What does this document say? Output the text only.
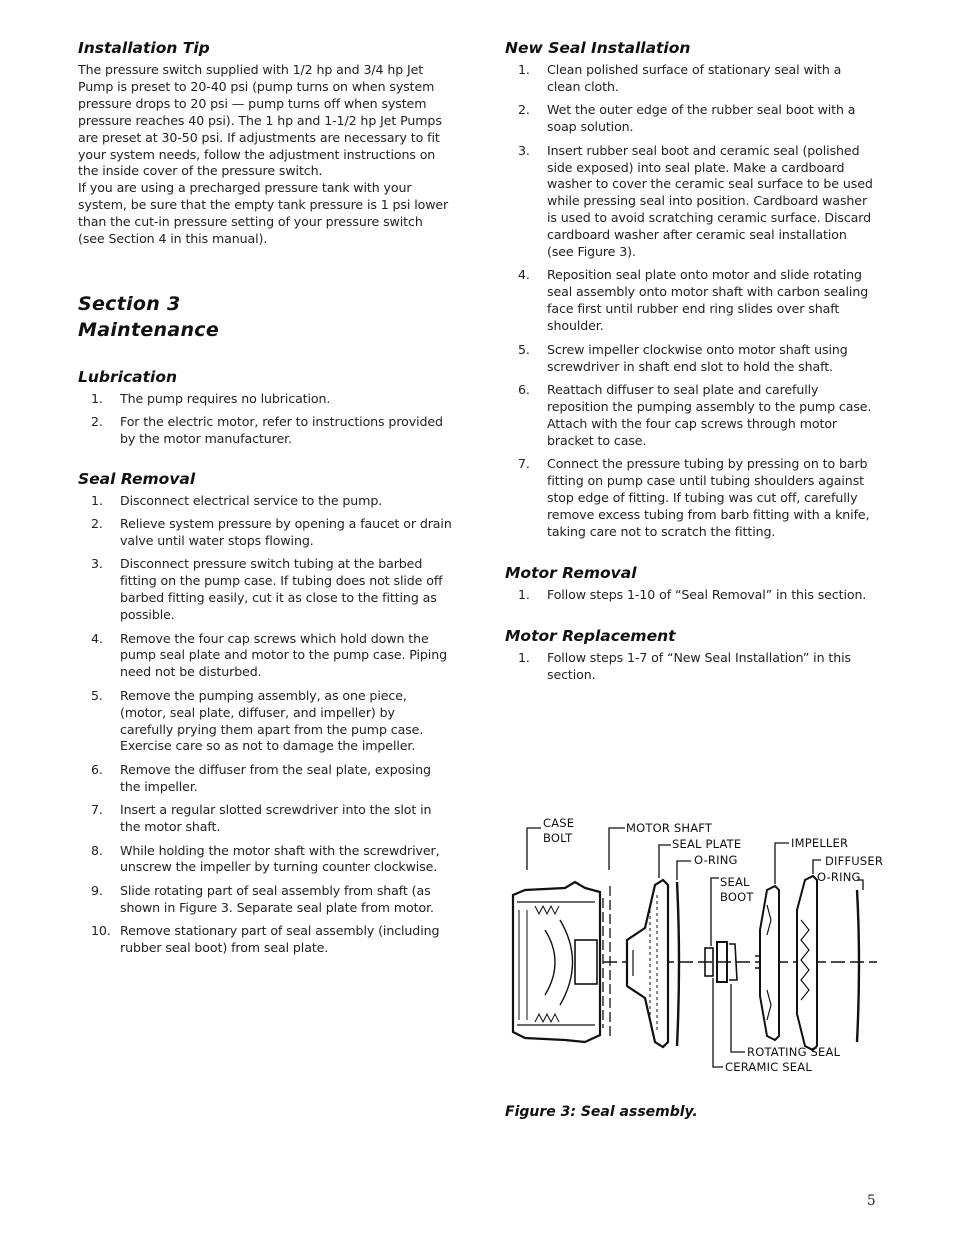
Installation Tip

The pressure switch supplied with 1/2 hp and 3/4 hp Jet Pump is preset to 20-40 psi (pump turns on when system pressure drops to 20 psi — pump turns off when system pressure reaches 40 psi). The 1 hp and 1-1/2 hp Jet Pumps are preset at 30-50 psi. If adjustments are necessary to fit your system needs, follow the adjustment instructions on the inside cover of the pressure switch.

If you are using a precharged pressure tank with your system, be sure that the empty tank pressure is 1 psi lower than the cut-in pressure setting of your pressure switch (see Section 4 in this manual).

Section 3
Maintenance
Lubrication
1. The pump requires no lubrication.
2. For the electric motor, refer to instructions provided by the motor manufacturer.
Seal Removal
1. Disconnect electrical service to the pump.
2. Relieve system pressure by opening a faucet or drain valve until water stops flowing.
3. Disconnect pressure switch tubing at the barbed fitting on the pump case. If tubing does not slide off barbed fitting easily, cut it as close to the fitting as possible.
4. Remove the four cap screws which hold down the pump seal plate and motor to the pump case. Piping need not be disturbed.
5. Remove the pumping assembly, as one piece, (motor, seal plate, diffuser, and impeller) by carefully prying them apart from the pump case. Exercise care so as not to damage the impeller.
6. Remove the diffuser from the seal plate, exposing the impeller.
7. Insert a regular slotted screwdriver into the slot in the motor shaft.
8. While holding the motor shaft with the screwdriver, unscrew the impeller by turning counter clockwise.
9. Slide rotating part of seal assembly from shaft (as shown in Figure 3. Separate seal plate from motor.
10. Remove stationary part of seal assembly (including rubber seal boot) from seal plate.
New Seal Installation
1. Clean polished surface of stationary seal with a clean cloth.
2. Wet the outer edge of the rubber seal boot with a soap solution.
3. Insert rubber seal boot and ceramic seal (polished side exposed) into seal plate. Make a cardboard washer to cover the ceramic seal surface to be used while pressing seal into position. Cardboard washer is used to avoid scratching ceramic surface. Discard cardboard washer after ceramic seal installation (see Figure 3).
4. Reposition seal plate onto motor and slide rotating seal assembly onto motor shaft with carbon sealing face first until rubber end ring slides over shaft shoulder.
5. Screw impeller clockwise onto motor shaft using screwdriver in shaft end slot to hold the shaft.
6. Reattach diffuser to seal plate and carefully reposition the pumping assembly to the pump case. Attach with the four cap screws through motor bracket to case.
7. Connect the pressure tubing by pressing on to barb fitting on pump case until tubing shoulders against stop edge of fitting. If tubing was cut off, carefully remove excess tubing from barb fitting with a knife, taking care not to scratch the fitting.
Motor Removal
1. Follow steps 1-10 of “Seal Removal” in this section.
Motor Replacement
1. Follow steps 1-7 of “New Seal Installation” in this section.
CASE
BOLT
MOTOR SHAFT
SEAL PLATE
O-RING
SEAL
BOOT
IMPELLER
DIFFUSER
O-RING
ROTATING SEAL
CERAMIC SEAL
Figure 3: Seal assembly.
5
